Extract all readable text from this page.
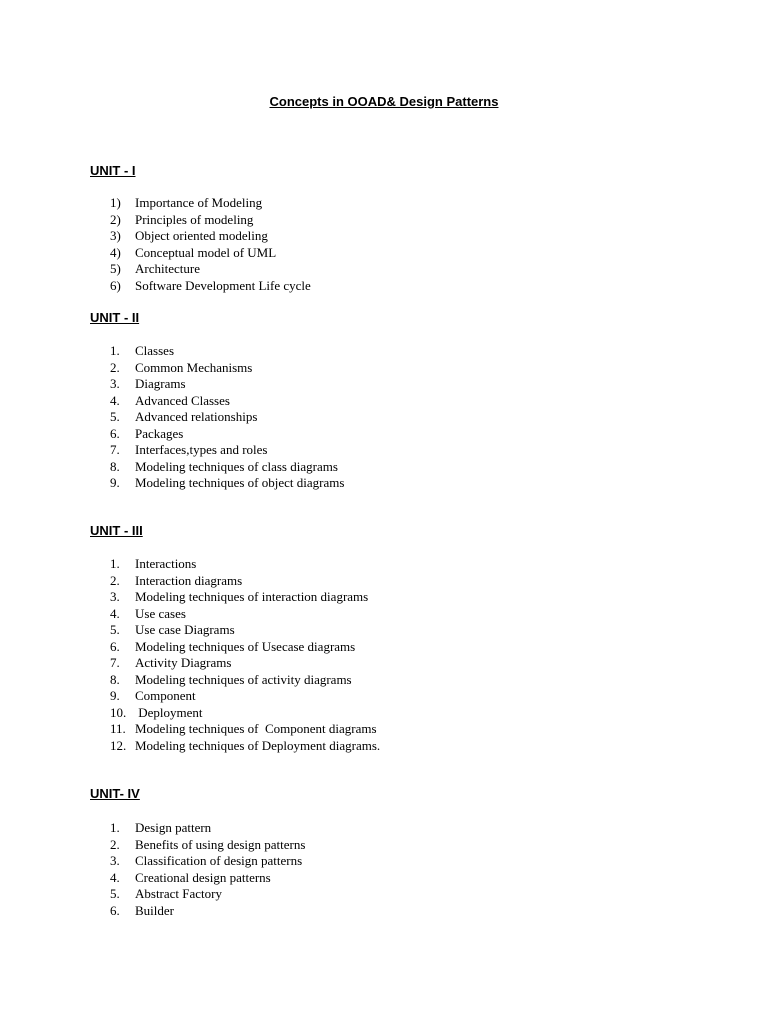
Concepts in OOAD& Design Patterns
UNIT - I
1) Importance of Modeling
2) Principles of modeling
3) Object oriented modeling
4) Conceptual model of UML
5) Architecture
6) Software Development Life cycle
UNIT - II
1. Classes
2. Common Mechanisms
3. Diagrams
4. Advanced Classes
5. Advanced relationships
6. Packages
7. Interfaces,types and roles
8. Modeling techniques of class diagrams
9. Modeling techniques of object diagrams
UNIT - III
1. Interactions
2. Interaction diagrams
3. Modeling techniques of interaction diagrams
4. Use cases
5. Use case Diagrams
6. Modeling techniques of Usecase diagrams
7. Activity Diagrams
8. Modeling techniques of activity diagrams
9. Component
10. Deployment
11. Modeling techniques of  Component diagrams
12. Modeling techniques of Deployment diagrams.
UNIT- IV
1. Design pattern
2. Benefits of using design patterns
3. Classification of design patterns
4. Creational design patterns
5. Abstract Factory
6. Builder
